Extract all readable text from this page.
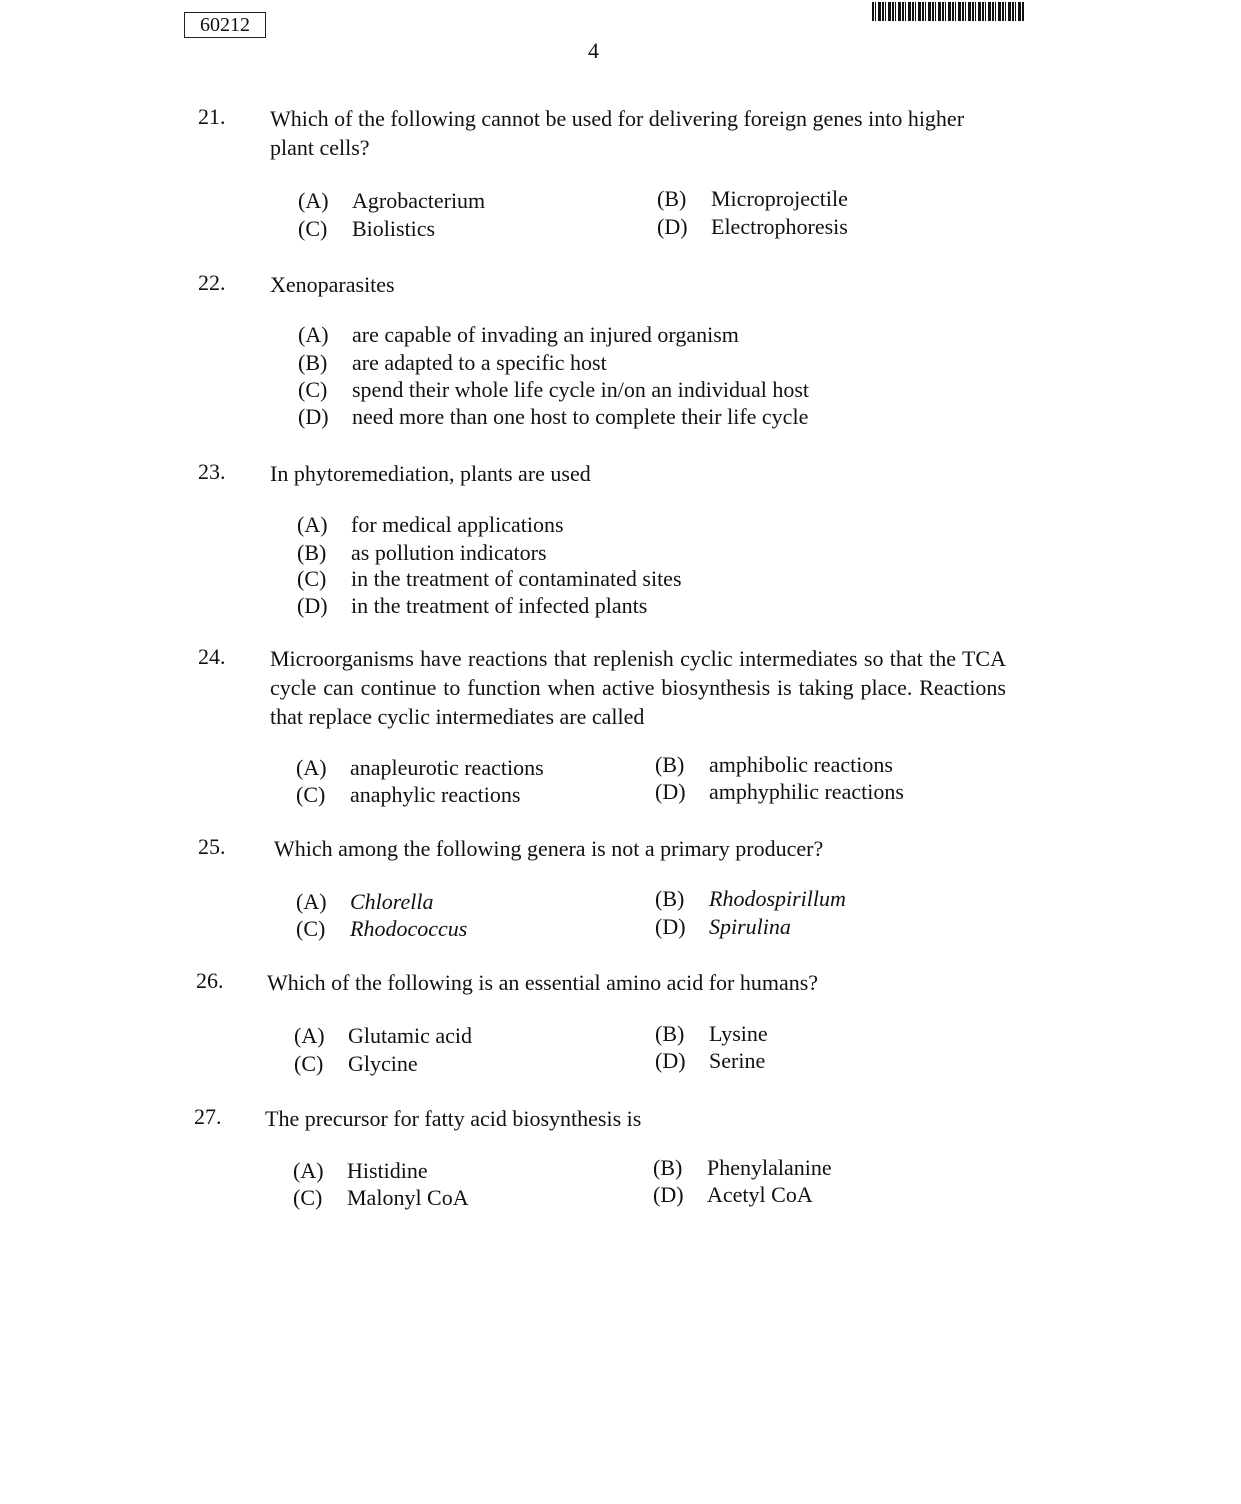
60212
4
21. Which of the following cannot be used for delivering foreign genes into higher plant cells?
(A) Agrobacterium	(B) Microprojectile
(C) Biolistics	(D) Electrophoresis
22. Xenoparasites
(A) are capable of invading an injured organism
(B) are adapted to a specific host
(C) spend their whole life cycle in/on an individual host
(D) need more than one host to complete their life cycle
23. In phytoremediation, plants are used
(A) for medical applications
(B) as pollution indicators
(C) in the treatment of contaminated sites
(D) in the treatment of infected plants
24. Microorganisms have reactions that replenish cyclic intermediates so that the TCA cycle can continue to function when active biosynthesis is taking place. Reactions that replace cyclic intermediates are called
(A) anapleurotic reactions	(B) amphibolic reactions
(C) anaphylic reactions	(D) amphyphilic reactions
25. Which among the following genera is not a primary producer?
(A) Chlorella	(B) Rhodospirillum
(C) Rhodococcus	(D) Spirulina
26. Which of the following is an essential amino acid for humans?
(A) Glutamic acid	(B) Lysine
(C) Glycine	(D) Serine
27. The precursor for fatty acid biosynthesis is
(A) Histidine	(B) Phenylalanine
(C) Malonyl CoA	(D) Acetyl CoA
